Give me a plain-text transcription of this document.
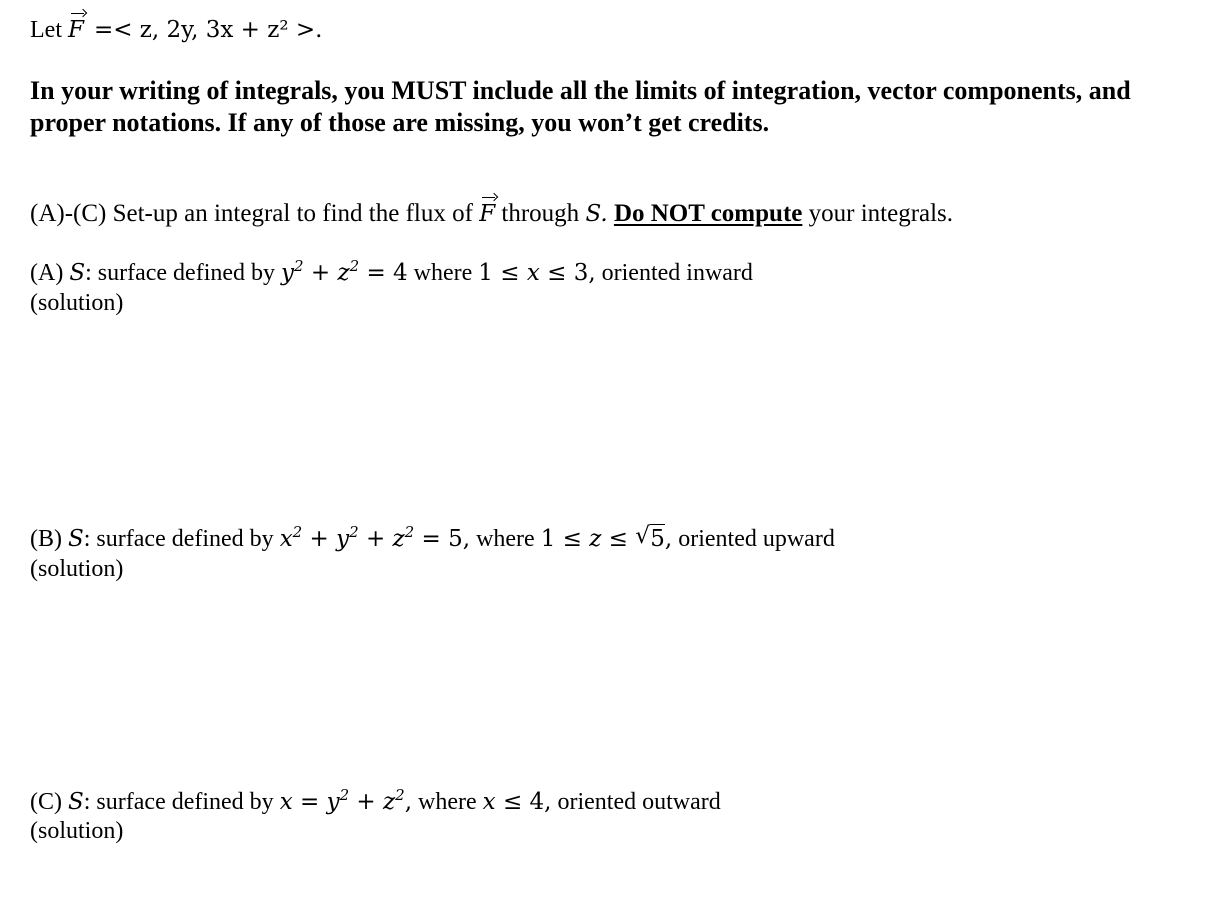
Let F =< z, 2y, 3x + z² >.
In your writing of integrals, you MUST include all the limits of integration, vector components, and
proper notations. If any of those are missing, you won’t get credits.
(A)-(C) Set-up an integral to find the flux of F through S. Do NOT compute your integrals.
(A) S: surface defined by $y^2 + z^2 = 4$ where 1 ≤ x ≤ 3, oriented inward
(solution)
(B) S: surface defined by $x^2 + y^2 + z^2 = 5$, where 1 ≤ z ≤ √ 5, oriented upward
(solution)
(C) S: surface defined by $x = y^2 + z^2$, where x ≤ 4, oriented outward
(solution)
